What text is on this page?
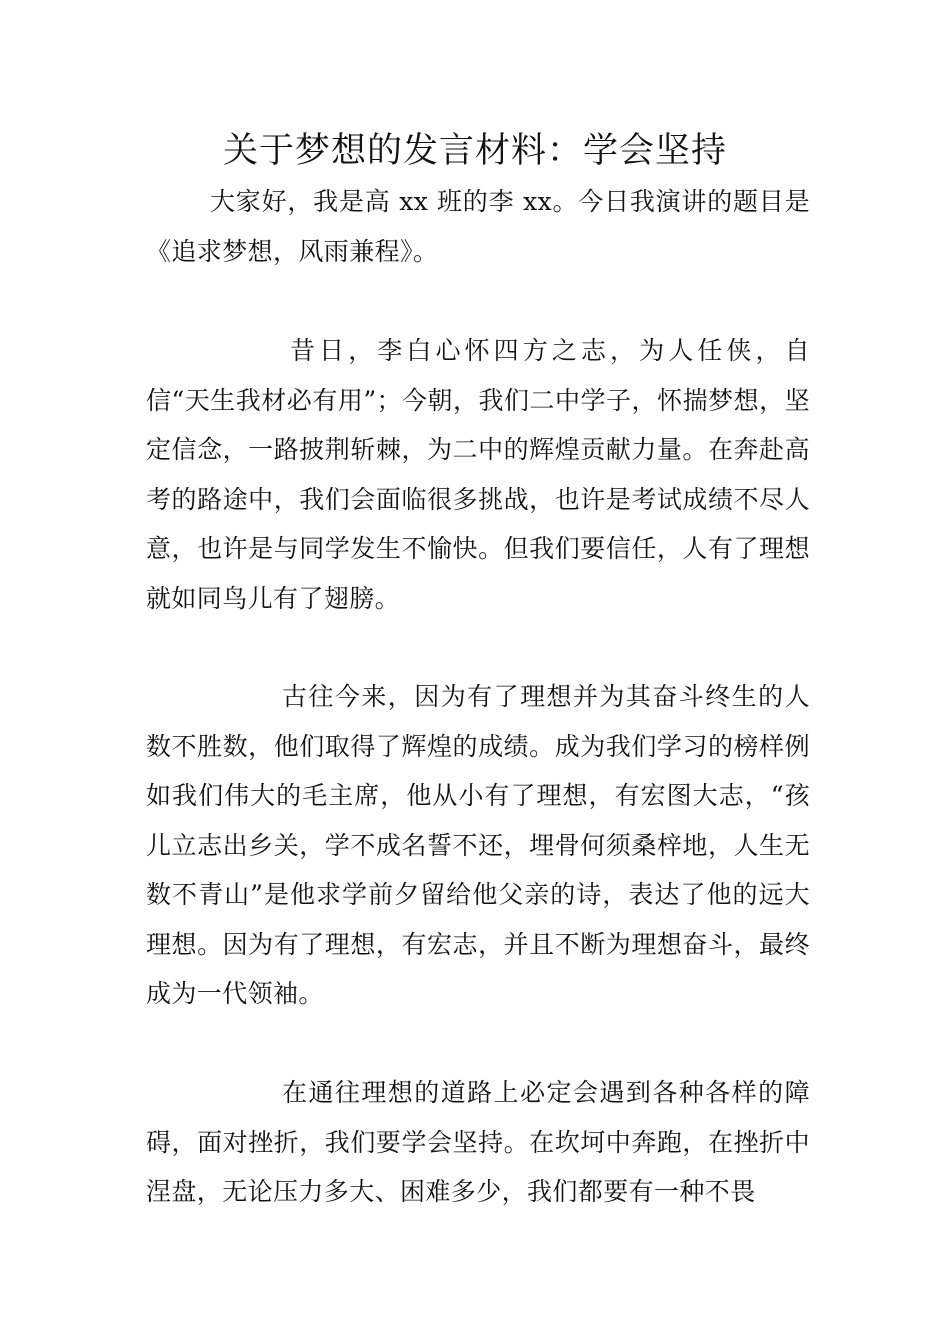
关于梦想的发言材料：学会坚持

大家好，我是高 xx 班的李 xx。今日我演讲的题目是《追求梦想，风雨兼程》。

昔日，李白心怀四方之志，为人任侠，自信“天生我材必有用”；今朝，我们二中学子，怀揣梦想，坚定信念，一路披荆斩棘，为二中的辉煌贡献力量。在奔赴高考的路途中，我们会面临很多挑战，也许是考试成绩不尽人意，也许是与同学发生不愉快。但我们要信任，人有了理想就如同鸟儿有了翅膀。

古往今来，因为有了理想并为其奋斗终生的人数不胜数，他们取得了辉煌的成绩。成为我们学习的榜样例如我们伟大的毛主席，他从小有了理想，有宏图大志，“孩儿立志出乡关，学不成名誓不还，埋骨何须桑梓地，人生无数不青山”是他求学前夕留给他父亲的诗，表达了他的远大理想。因为有了理想，有宏志，并且不断为理想奋斗，最终成为一代领袖。

在通往理想的道路上必定会遇到各种各样的障碍，面对挫折，我们要学会坚持。在坎坷中奔跑，在挫折中涅盘，无论压力多大、困难多少，我们都要有一种不畏
